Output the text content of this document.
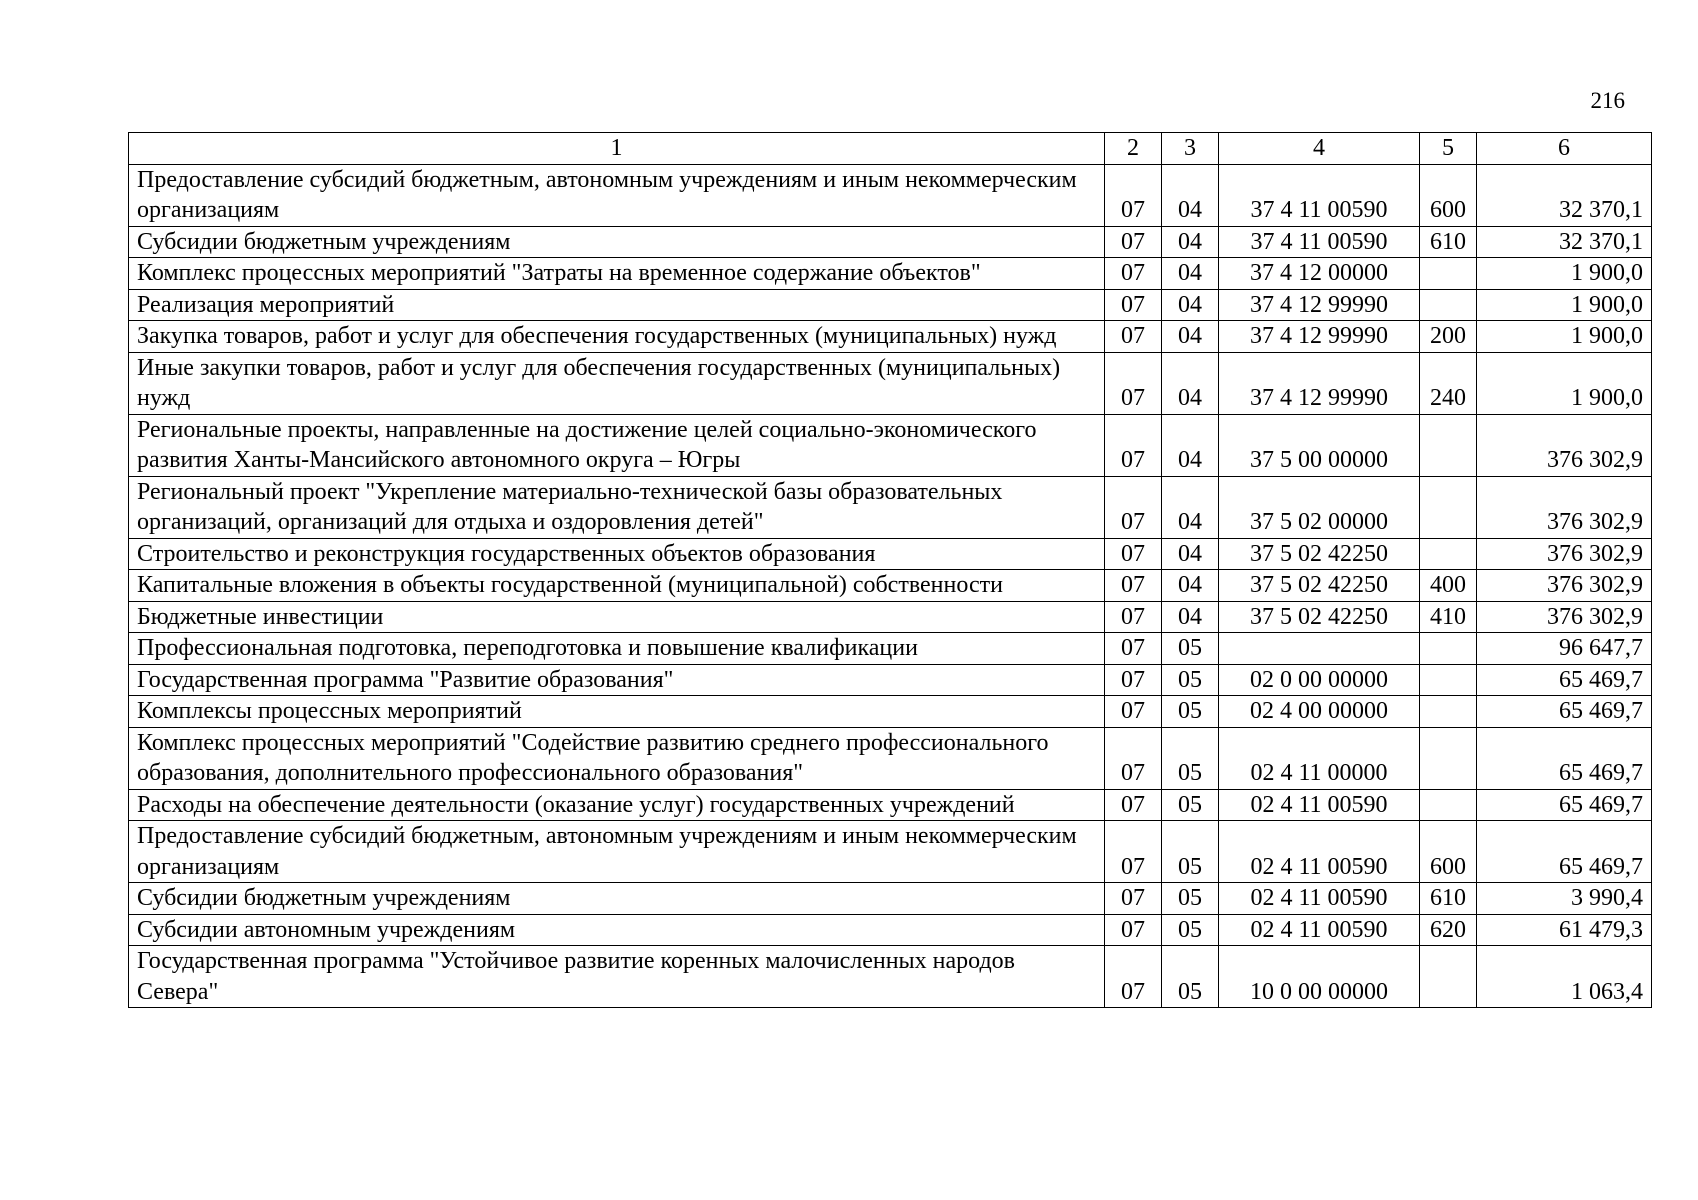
216
1	2	3	4	5	6
Предоставление субсидий бюджетным, автономным учреждениям и иным некоммерческим организациям	07	04	37 4 11 00590	600	32 370,1
Субсидии бюджетным учреждениям	07	04	37 4 11 00590	610	32 370,1
Комплекс процессных мероприятий "Затраты на временное содержание объектов"	07	04	37 4 12 00000		1 900,0
Реализация мероприятий	07	04	37 4 12 99990		1 900,0
Закупка товаров, работ и услуг для обеспечения государственных (муниципальных) нужд	07	04	37 4 12 99990	200	1 900,0
Иные закупки товаров, работ и услуг для обеспечения государственных (муниципальных) нужд	07	04	37 4 12 99990	240	1 900,0
Региональные проекты, направленные на достижение целей социально-экономического развития Ханты-Мансийского автономного округа – Югры	07	04	37 5 00 00000		376 302,9
Региональный проект "Укрепление материально-технической базы образовательных организаций, организаций для отдыха и оздоровления детей"	07	04	37 5 02 00000		376 302,9
Строительство и реконструкция государственных объектов образования	07	04	37 5 02 42250		376 302,9
Капитальные вложения в объекты государственной (муниципальной) собственности	07	04	37 5 02 42250	400	376 302,9
Бюджетные инвестиции	07	04	37 5 02 42250	410	376 302,9
Профессиональная подготовка, переподготовка и повышение квалификации	07	05			96 647,7
Государственная программа "Развитие образования"	07	05	02 0 00 00000		65 469,7
Комплексы процессных мероприятий	07	05	02 4 00 00000		65 469,7
Комплекс процессных мероприятий "Содействие развитию среднего профессионального образования, дополнительного профессионального образования"	07	05	02 4 11 00000		65 469,7
Расходы на обеспечение деятельности (оказание услуг) государственных учреждений	07	05	02 4 11 00590		65 469,7
Предоставление субсидий бюджетным, автономным учреждениям и иным некоммерческим организациям	07	05	02 4 11 00590	600	65 469,7
Субсидии бюджетным учреждениям	07	05	02 4 11 00590	610	3 990,4
Субсидии автономным учреждениям	07	05	02 4 11 00590	620	61 479,3
Государственная программа "Устойчивое развитие коренных малочисленных народов Севера"	07	05	10 0 00 00000		1 063,4
